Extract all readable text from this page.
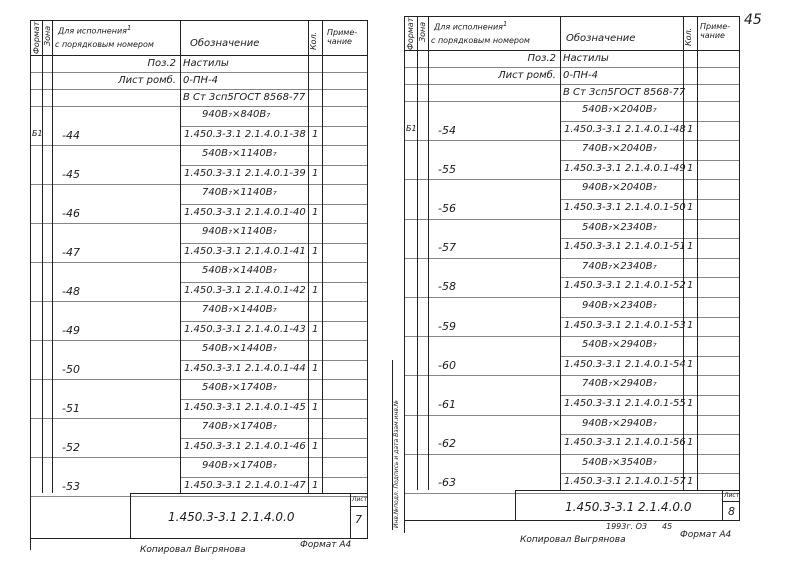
Формат Зона Для исполнения$^1$
с порядковым номером	Обозначение	Кол. Приме-
чание
Поз.2 Настилы
Лист ромб. 0-ПН-4
В Ст 3сп5ГОСТ 8568-77
940В₇×840В₇
Б1 -44	1.450.3-3.1 2.1.4.0.1-38 1
540В₇×1140В₇
-45	1.450.3-3.1 2.1.4.0.1-39 1
740В₇×1140В₇
-46	1.450.3-3.1 2.1.4.0.1-40 1
940В₇×1140В₇
-47	1.450.3-3.1 2.1.4.0.1-41 1
540В₇×1440В₇
-48	1.450.3-3.1 2.1.4.0.1-42 1
740В₇×1440В₇
-49	1.450.3-3.1 2.1.4.0.1-43 1
540В₇×1440В₇
-50	1.450.3-3.1 2.1.4.0.1-44 1
540В₇×1740В₇
-51	1.450.3-3.1 2.1.4.0.1-45 1
740В₇×1740В₇
-52	1.450.3-3.1 2.1.4.0.1-46 1
940В₇×1740В₇
-53	1.450.3-3.1 2.1.4.0.1-47 1
1.450.3-3.1 2.1.4.0.0
Лист
7
Копировал Выгрянова	Формат А4
Инв.№подл. Подпись и дата Взам.инв.№
Формат Зона Для исполнения$^1$
с порядковым номером	Обозначение	Кол.
Приме-
чание
45
Поз.2 Настилы
Лист ромб. 0-ПН-4
В Ст 3сп5ГОСТ 8568-77
540В₇×2040В₇
Б1 -54	1.450.3-3.1 2.1.4.0.1-48 1
740В₇×2040В₇
-55	1.450.3-3.1 2.1.4.0.1-49 1
940В₇×2040В₇
-56	1.450.3-3.1 2.1.4.0.1-50 1
540В₇×2340В₇
-57	1.450.3-3.1 2.1.4.0.1-51 1
740В₇×2340В₇
-58	1.450.3-3.1 2.1.4.0.1-52 1
940В₇×2340В₇
-59	1.450.3-3.1 2.1.4.0.1-53 1
540В₇×2940В₇
-60	1.450.3-3.1 2.1.4.0.1-54 1
740В₇×2940В₇
-61	1.450.3-3.1 2.1.4.0.1-55 1
940В₇×2940В₇
-62	1.450.3-3.1 2.1.4.0.1-56 1
540В₇×3540В₇
-63	1.450.3-3.1 2.1.4.0.1-57 1
1.450.3-3.1 2.1.4.0.0
Лист
8
1993г. О3
Копировал Выгрянова	Формат А4
45
